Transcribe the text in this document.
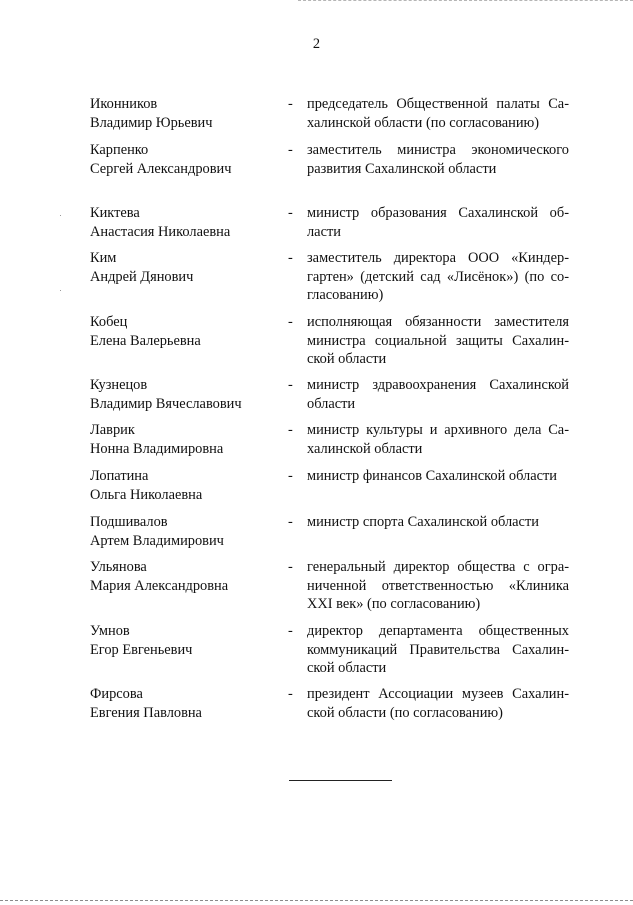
2
Иконников
Владимир Юрьевич
- председатель Общественной палаты Са-
халинской области (по согласованию)
Карпенко
Сергей Александрович
- заместитель министра экономического
развития Сахалинской области
Киктева
Анастасия Николаевна
- министр образования Сахалинской об-
ласти
Ким
Андрей Дянович
- заместитель директора ООО «Киндер-
гартен» (детский сад «Лисёнок») (по со-
гласованию)
Кобец
Елена Валерьевна
- исполняющая обязанности заместителя
министра социальной защиты Сахалин-
ской области
Кузнецов
Владимир Вячеславович
- министр здравоохранения Сахалинской
области
Лаврик
Нонна Владимировна
- министр культуры и архивного дела Са-
халинской области
Лопатина
Ольга Николаевна
- министр финансов Сахалинской области
Подшивалов
Артем Владимирович
- министр спорта Сахалинской области
Ульянова
Мария Александровна
- генеральный директор общества с огра-
ниченной ответственностью «Клиника
XXI век» (по согласованию)
Умнов
Егор Евгеньевич
- директор департамента общественных
коммуникаций Правительства Сахалин-
ской области
Фирсова
Евгения Павловна
- президент Ассоциации музеев Сахалин-
ской области (по согласованию)
